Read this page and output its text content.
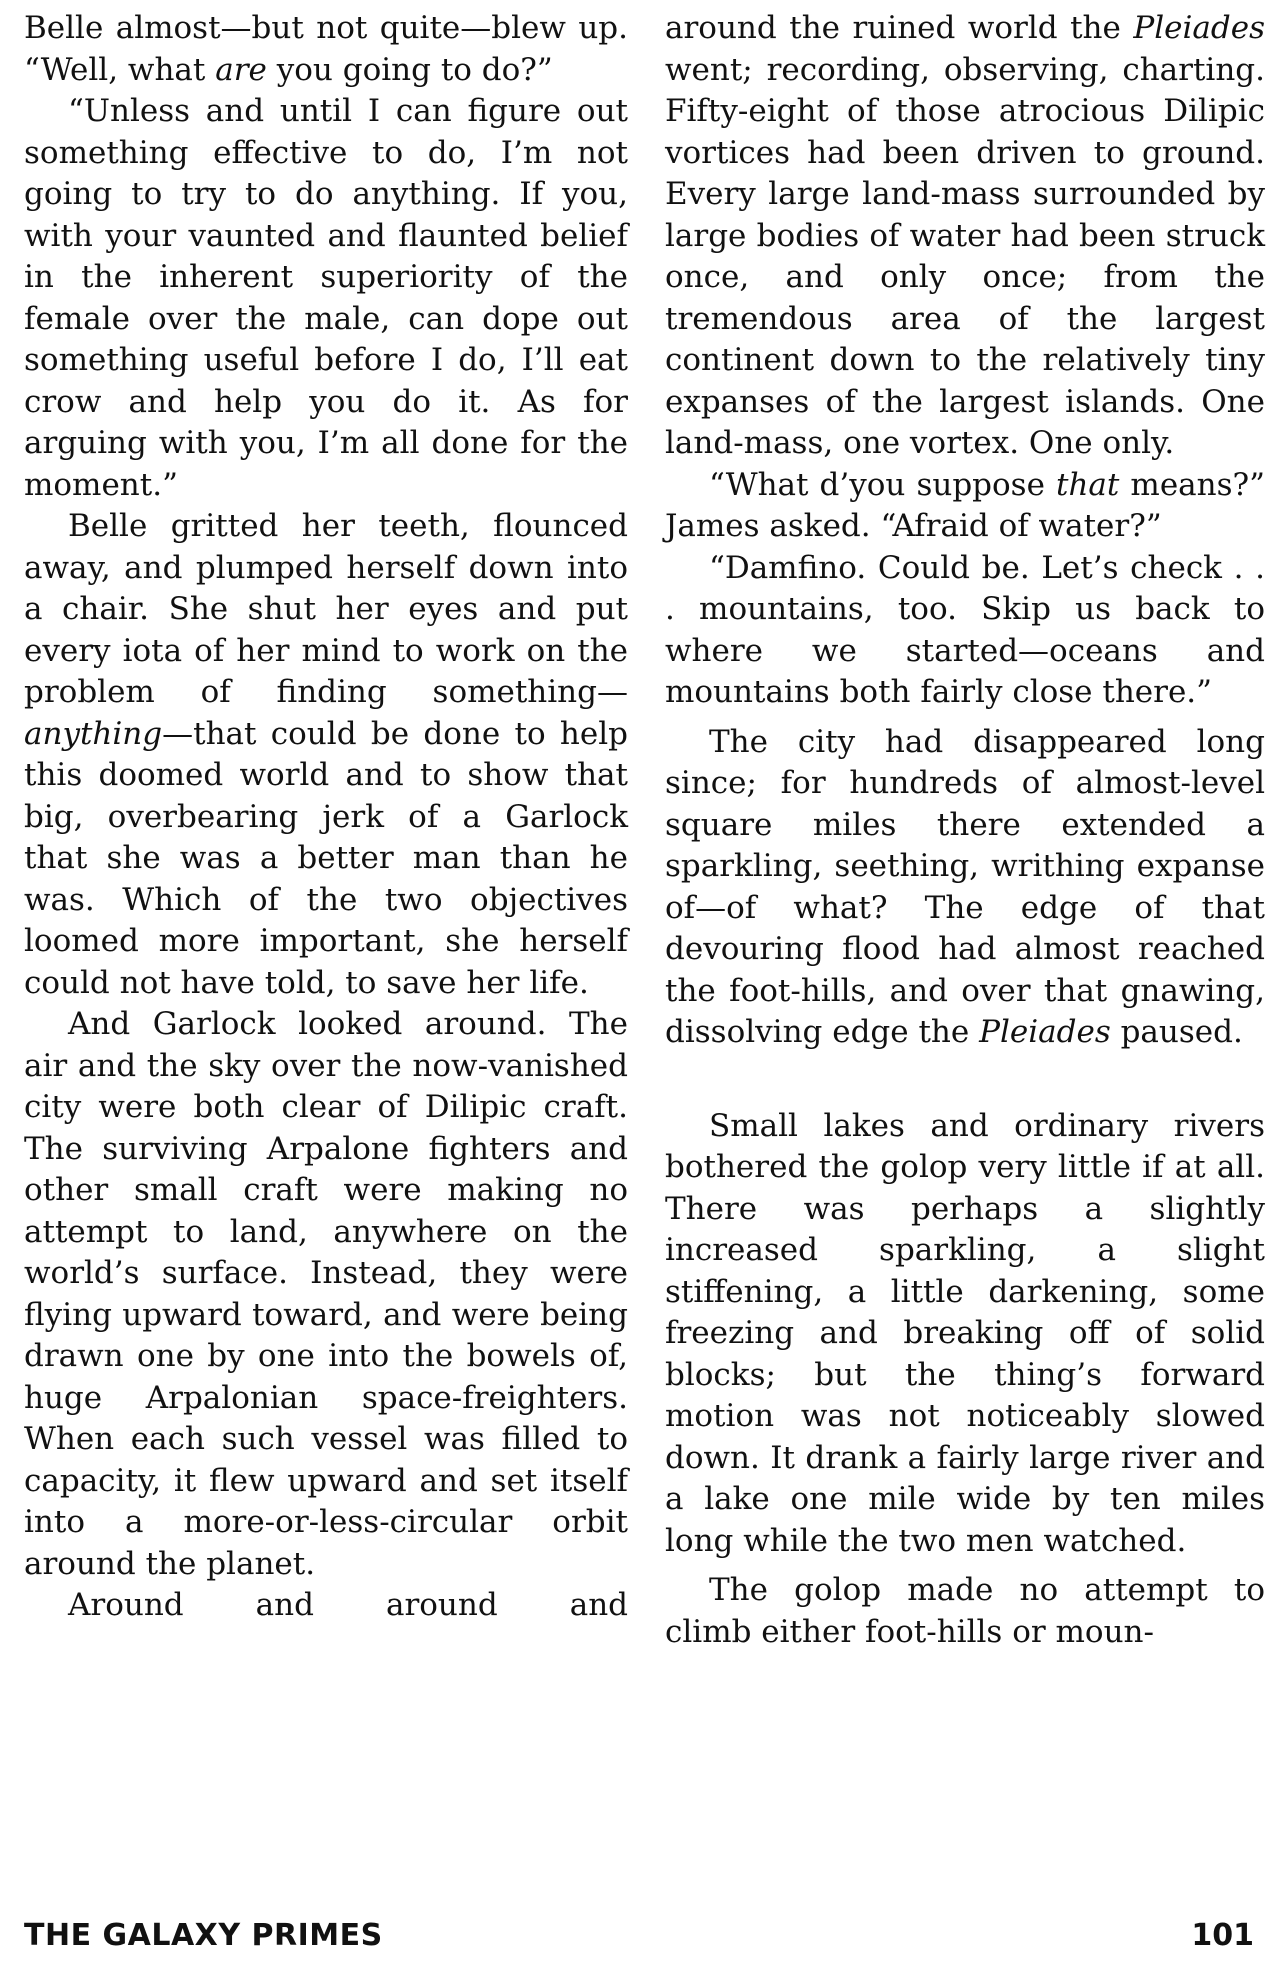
Belle almost—but not quite—blew up. “Well, what are you going to do?”

“Unless and until I can figure out something effective to do, I’m not going to try to do anything. If you, with your vaunted and flaunted belief in the inherent superiority of the female over the male, can dope out something useful before I do, I’ll eat crow and help you do it. As for arguing with you, I’m all done for the moment.”

Belle gritted her teeth, flounced away, and plumped herself down into a chair. She shut her eyes and put every iota of her mind to work on the problem of finding something—anything—that could be done to help this doomed world and to show that big, overbearing jerk of a Garlock that she was a better man than he was. Which of the two objectives loomed more important, she herself could not have told, to save her life.

And Garlock looked around. The air and the sky over the now-vanished city were both clear of Dilipic craft. The surviving Arpalone fighters and other small craft were making no attempt to land, anywhere on the world’s surface. Instead, they were flying upward toward, and were being drawn one by one into the bowels of, huge Arpalonian space-freighters. When each such vessel was filled to capacity, it flew upward and set itself into a more-or-less-circular orbit around the planet.

Around and around and

around the ruined world the Pleiades went; recording, observing, charting. Fifty-eight of those atrocious Dilipic vortices had been driven to ground. Every large land-mass surrounded by large bodies of water had been struck once, and only once; from the tremendous area of the largest continent down to the relatively tiny expanses of the largest islands. One land-mass, one vortex. One only.

“What d’you suppose that means?” James asked. “Afraid of water?”

“Damfino. Could be. Let’s check . . . mountains, too. Skip us back to where we started—oceans and mountains both fairly close there.”

The city had disappeared long since; for hundreds of almost-level square miles there extended a sparkling, seething, writhing expanse of—of what? The edge of that devouring flood had almost reached the foot-hills, and over that gnawing, dissolving edge the Pleiades paused.

Small lakes and ordinary rivers bothered the golop very little if at all. There was perhaps a slightly increased sparkling, a slight stiffening, a little darkening, some freezing and breaking off of solid blocks; but the thing’s forward motion was not noticeably slowed down. It drank a fairly large river and a lake one mile wide by ten miles long while the two men watched.

The golop made no attempt to climb either foot-hills or moun-

THE GALAXY PRIMES	101
